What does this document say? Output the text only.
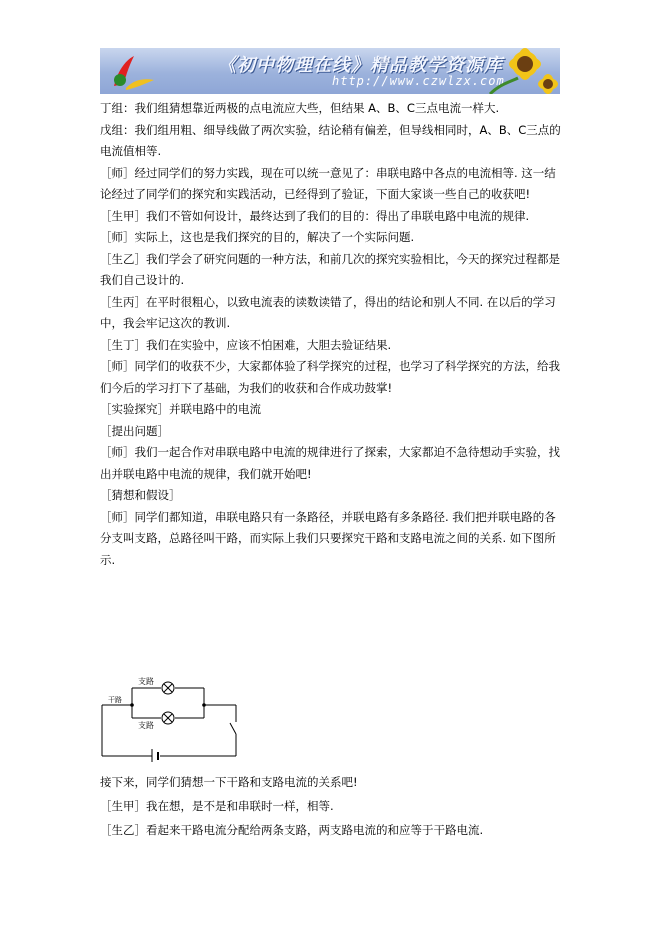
《初中物理在线》精品教学资源库
http://www.czwlzx.com

丁组：我们组猜想靠近两极的点电流应大些，但结果 A、B、C三点电流一样大.

戊组：我们组用粗、细导线做了两次实验，结论稍有偏差，但导线相同时，A、B、C三点的电流值相等.

［师］经过同学们的努力实践，现在可以统一意见了：串联电路中各点的电流相等. 这一结论经过了同学们的探究和实践活动，已经得到了验证，下面大家谈一些自己的收获吧!

［生甲］我们不管如何设计，最终达到了我们的目的：得出了串联电路中电流的规律.

［师］实际上，这也是我们探究的目的，解决了一个实际问题.

［生乙］我们学会了研究问题的一种方法，和前几次的探究实验相比，今天的探究过程都是我们自己设计的.

［生丙］在平时很粗心，以致电流表的读数读错了，得出的结论和别人不同. 在以后的学习中，我会牢记这次的教训.

［生丁］我们在实验中，应该不怕困难，大胆去验证结果.

［师］同学们的收获不少，大家都体验了科学探究的过程，也学习了科学探究的方法，给我们今后的学习打下了基础，为我们的收获和合作成功鼓掌!

［实验探究］并联电路中的电流

［提出问题］

［师］我们一起合作对串联电路中电流的规律进行了探索，大家都迫不急待想动手实验，找出并联电路中电流的规律，我们就开始吧!

［猜想和假设］

［师］同学们都知道，串联电路只有一条路径，并联电路有多条路径. 我们把并联电路的各分支叫支路，总路径叫干路，而实际上我们只要探究干路和支路电流之间的关系. 如下图所示.

支路
支路
干路

接下来，同学们猜想一下干路和支路电流的关系吧!

［生甲］我在想，是不是和串联时一样，相等.

［生乙］看起来干路电流分配给两条支路，两支路电流的和应等于干路电流.
